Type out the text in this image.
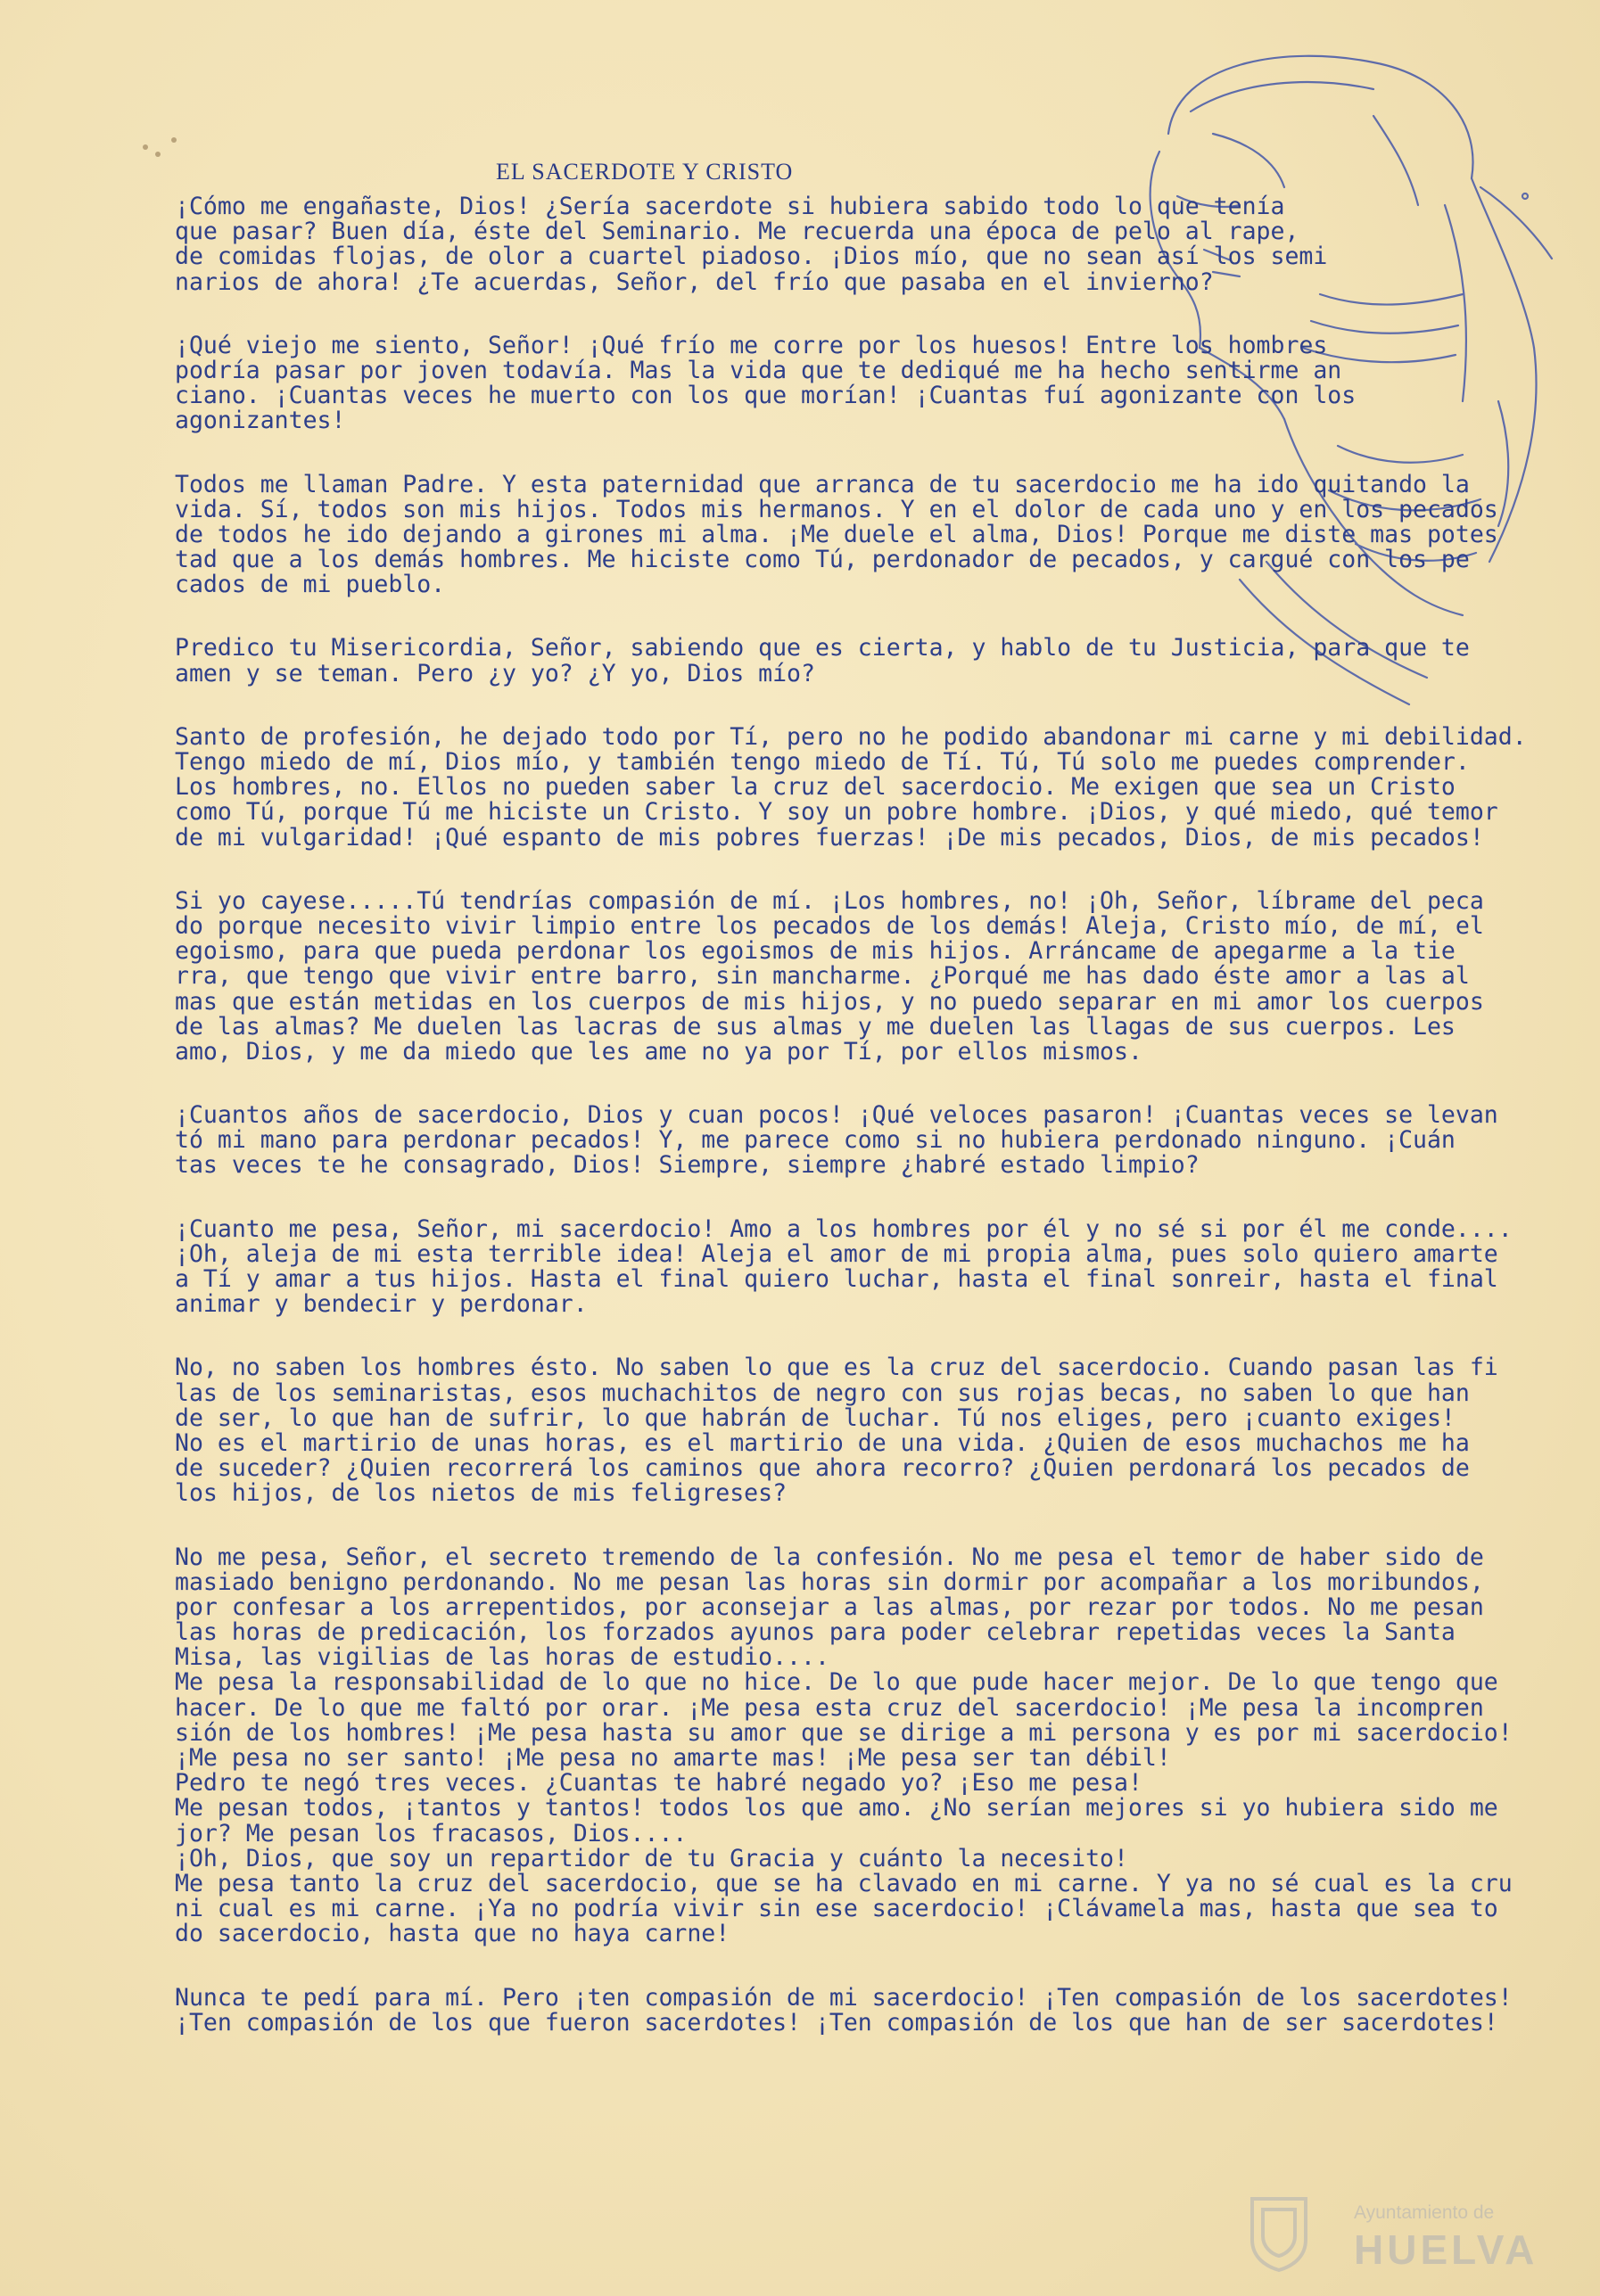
EL SACERDOTE Y CRISTO
¡Cómo me engañaste, Dios! ¿Sería sacerdote si hubiera sabido todo lo que tenía
que pasar? Buen día, éste del Seminario. Me recuerda una época de pelo al rape,
de comidas flojas, de olor a cuartel piadoso. ¡Dios mío, que no sean así los semi
narios de ahora! ¿Te acuerdas, Señor, del frío que pasaba en el invierno?
¡Qué viejo me siento, Señor! ¡Qué frío me corre por los huesos! Entre los hombres
podría pasar por joven todavía. Mas la vida que te dediqué me ha hecho sentirme an
ciano. ¡Cuantas veces he muerto con los que morían! ¡Cuantas fuí agonizante con los
agonizantes!
Todos me llaman Padre. Y esta paternidad que arranca de tu sacerdocio me ha ido quitando la
vida. Sí, todos son mis hijos. Todos mis hermanos. Y en el dolor de cada uno y en los pecados
de todos he ido dejando a girones mi alma. ¡Me duele el alma, Dios! Porque me diste mas potes
tad que a los demás hombres. Me hiciste como Tú, perdonador de pecados, y cargué con los pe
cados de mi pueblo.
Predico tu Misericordia, Señor, sabiendo que es cierta, y hablo de tu Justicia, para que te
amen y se teman. Pero ¿y yo? ¿Y yo, Dios mío?
Santo de profesión, he dejado todo por Tí, pero no he podido abandonar mi carne y mi debilidad.
Tengo miedo de mí, Dios mío, y también tengo miedo de Tí. Tú, Tú solo me puedes comprender.
Los hombres, no. Ellos no pueden saber la cruz del sacerdocio. Me exigen que sea un Cristo
como Tú, porque Tú me hiciste un Cristo. Y soy un pobre hombre. ¡Dios, y qué miedo, qué temor
de mi vulgaridad! ¡Qué espanto de mis pobres fuerzas! ¡De mis pecados, Dios, de mis pecados!
Si yo cayese.....Tú tendrías compasión de mí. ¡Los hombres, no! ¡Oh, Señor, líbrame del peca
do porque necesito vivir limpio entre los pecados de los demás! Aleja, Cristo mío, de mí, el
egoismo, para que pueda perdonar los egoismos de mis hijos. Arráncame de apegarme a la tie
rra, que tengo que vivir entre barro, sin mancharme. ¿Porqué me has dado éste amor a las al
mas que están metidas en los cuerpos de mis hijos, y no puedo separar en mi amor los cuerpos
de las almas? Me duelen las lacras de sus almas y me duelen las llagas de sus cuerpos. Les
amo, Dios, y me da miedo que les ame no ya por Tí, por ellos mismos.
¡Cuantos años de sacerdocio, Dios y cuan pocos! ¡Qué veloces pasaron! ¡Cuantas veces se levan
tó mi mano para perdonar pecados! Y, me parece como si no hubiera perdonado ninguno. ¡Cuán
tas veces te he consagrado, Dios! Siempre, siempre ¿habré estado limpio?
¡Cuanto me pesa, Señor, mi sacerdocio! Amo a los hombres por él y no sé si por él me conde....
¡Oh, aleja de mi esta terrible idea! Aleja el amor de mi propia alma, pues solo quiero amarte
a Tí y amar a tus hijos. Hasta el final quiero luchar, hasta el final sonreir, hasta el final
animar y bendecir y perdonar.
No, no saben los hombres ésto. No saben lo que es la cruz del sacerdocio. Cuando pasan las fi
las de los seminaristas, esos muchachitos de negro con sus rojas becas, no saben lo que han
de ser, lo que han de sufrir, lo que habrán de luchar. Tú nos eliges, pero ¡cuanto exiges!
No es el martirio de unas horas, es el martirio de una vida. ¿Quien de esos muchachos me ha
de suceder? ¿Quien recorrerá los caminos que ahora recorro? ¿Quien perdonará los pecados de
los hijos, de los nietos de mis feligreses?
No me pesa, Señor, el secreto tremendo de la confesión. No me pesa el temor de haber sido de
masiado benigno perdonando. No me pesan las horas sin dormir por acompañar a los moribundos,
por confesar a los arrepentidos, por aconsejar a las almas, por rezar por todos. No me pesan
las horas de predicación, los forzados ayunos para poder celebrar repetidas veces la Santa
Misa, las vigilias de las horas de estudio....
Me pesa la responsabilidad de lo que no hice. De lo que pude hacer mejor. De lo que tengo que
hacer. De lo que me faltó por orar. ¡Me pesa esta cruz del sacerdocio! ¡Me pesa la incompren
sión de los hombres! ¡Me pesa hasta su amor que se dirige a mi persona y es por mi sacerdocio!
¡Me pesa no ser santo! ¡Me pesa no amarte mas! ¡Me pesa ser tan débil!
Pedro te negó tres veces. ¿Cuantas te habré negado yo? ¡Eso me pesa!
Me pesan todos, ¡tantos y tantos! todos los que amo. ¿No serían mejores si yo hubiera sido me
jor? Me pesan los fracasos, Dios....
¡Oh, Dios, que soy un repartidor de tu Gracia y cuánto la necesito!
Me pesa tanto la cruz del sacerdocio, que se ha clavado en mi carne. Y ya no sé cual es la cru
ni cual es mi carne. ¡Ya no podría vivir sin ese sacerdocio! ¡Clávamela mas, hasta que sea to
do sacerdocio, hasta que no haya carne!
Nunca te pedí para mí. Pero ¡ten compasión de mi sacerdocio! ¡Ten compasión de los sacerdotes!
¡Ten compasión de los que fueron sacerdotes! ¡Ten compasión de los que han de ser sacerdotes!
Ayuntamiento de
HUELVA
